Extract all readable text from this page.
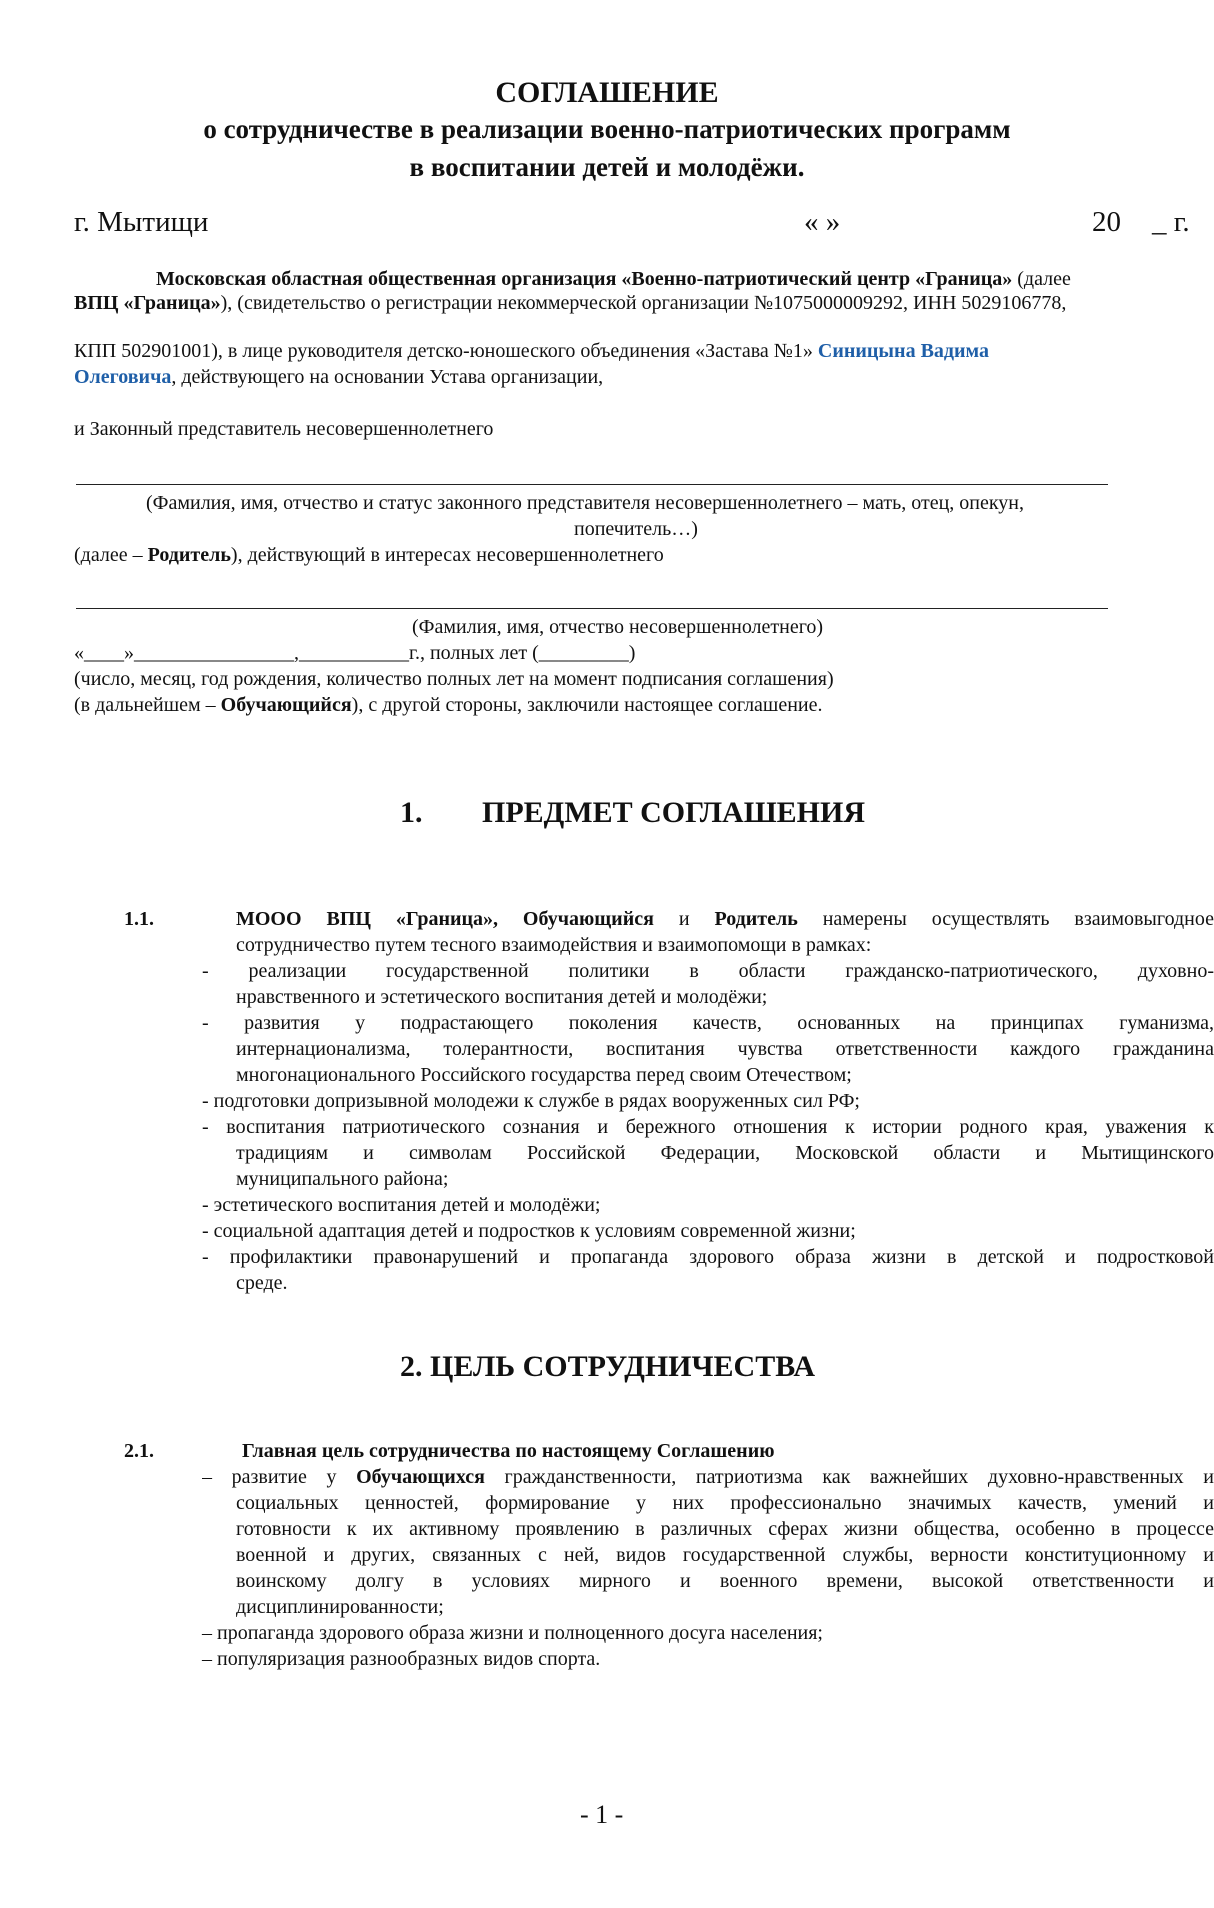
СОГЛАШЕНИЕ
о сотрудничестве в реализации военно-патриотических программ
в воспитании детей и молодёжи.
г. Мытищи	« »	20 _ г.
Московская областная общественная организация «Военно-патриотический центр «Граница» (далее
ВПЦ «Граница»), (свидетельство о регистрации некоммерческой организации №1075000009292, ИНН 5029106778,
КПП 502901001), в лице руководителя детско-юношеского объединения «Застава №1» Синицына Вадима
Олеговича, действующего на основании Устава организации,
и Законный представитель несовершеннолетнего
(Фамилия, имя, отчество и статус законного представителя несовершеннолетнего – мать, отец, опекун,
попечитель…)
(далее – Родитель), действующий в интересах несовершеннолетнего
(Фамилия, имя, отчество несовершеннолетнего)
«____»________________,___________г., полных лет (_________)
(число, месяц, год рождения, количество полных лет на момент подписания соглашения)
(в дальнейшем – Обучающийся), с другой стороны, заключили настоящее соглашение.
1. ПРЕДМЕТ СОГЛАШЕНИЯ
1.1.	МООО ВПЦ «Граница», Обучающийся и Родитель намерены осуществлять взаимовыгодное
сотрудничество путем тесного взаимодействия и взаимопомощи в рамках:
- реализации государственной политики в области гражданско-патриотического, духовно-
нравственного и эстетического воспитания детей и молодёжи;
- развития у подрастающего поколения качеств, основанных на принципах гуманизма,
интернационализма, толерантности, воспитания чувства ответственности каждого гражданина
многонационального Российского государства перед своим Отечеством;
- подготовки допризывной молодежи к службе в рядах вооруженных сил РФ;
- воспитания патриотического сознания и бережного отношения к истории родного края, уважения к
традициям и символам Российской Федерации, Московской области и Мытищинского
муниципального района;
- эстетического воспитания детей и молодёжи;
- социальной адаптация детей и подростков к условиям современной жизни;
- профилактики правонарушений и пропаганда здорового образа жизни в детской и подростковой
среде.
2. ЦЕЛЬ СОТРУДНИЧЕСТВА
2.1.	Главная цель сотрудничества по настоящему Соглашению
– развитие у Обучающихся гражданственности, патриотизма как важнейших духовно-нравственных и
социальных ценностей, формирование у них профессионально значимых качеств, умений и
готовности к их активному проявлению в различных сферах жизни общества, особенно в процессе
военной и других, связанных с ней, видов государственной службы, верности конституционному и
воинскому долгу в условиях мирного и военного времени, высокой ответственности и
дисциплинированности;
– пропаганда здорового образа жизни и полноценного досуга населения;
– популяризация разнообразных видов спорта.
- 1 -
